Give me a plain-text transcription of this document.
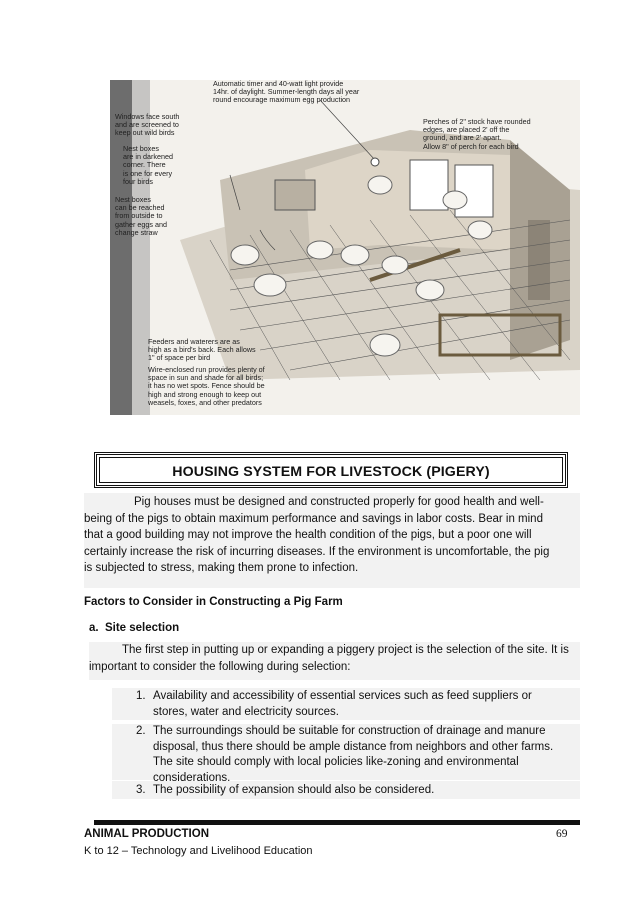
Automatic timer and 40-watt light provide
14hr. of daylight. Summer-length days all year
round encourage maximum egg production
Windows face south
and are screened to
keep out wild birds
Nest boxes
are in darkened
corner. There
is one for every
four birds
Nest boxes
can be reached
from outside to
gather eggs and
change straw
Perches of 2" stock have rounded
edges, are placed 2' off the
ground, and are 2' apart.
Allow 8" of perch for each bird
Feeders and waterers are as
high as a bird's back. Each allows
1" of space per bird
Wire-enclosed run provides plenty of
space in sun and shade for all birds;
it has no wet spots. Fence should be
high and strong enough to keep out
weasels, foxes, and other predators
HOUSING SYSTEM FOR LIVESTOCK (PIGERY)
Pig houses must be designed and constructed properly for good health and well-
being of the pigs to obtain maximum performance and savings in labor costs. Bear in mind
that a good building may not improve the health condition of the pigs, but a poor one will
certainly increase the risk of incurring diseases. If the environment is uncomfortable, the pig
is subjected to stress, making them prone to infection.
Factors to Consider in Constructing a Pig Farm
a.  Site selection
The first step in putting up or expanding a piggery project is the selection of the site. It is
important to consider the following during selection:
1. Availability and accessibility of essential services such as feed suppliers or
stores, water and electricity sources.
2. The surroundings should be suitable for construction of drainage and manure
disposal, thus there should be ample distance from neighbors and other farms.
The site should comply with local policies like-zoning and environmental
considerations.
3. The possibility of expansion should also be considered.
ANIMAL PRODUCTION	69
K to 12 – Technology and Livelihood Education
